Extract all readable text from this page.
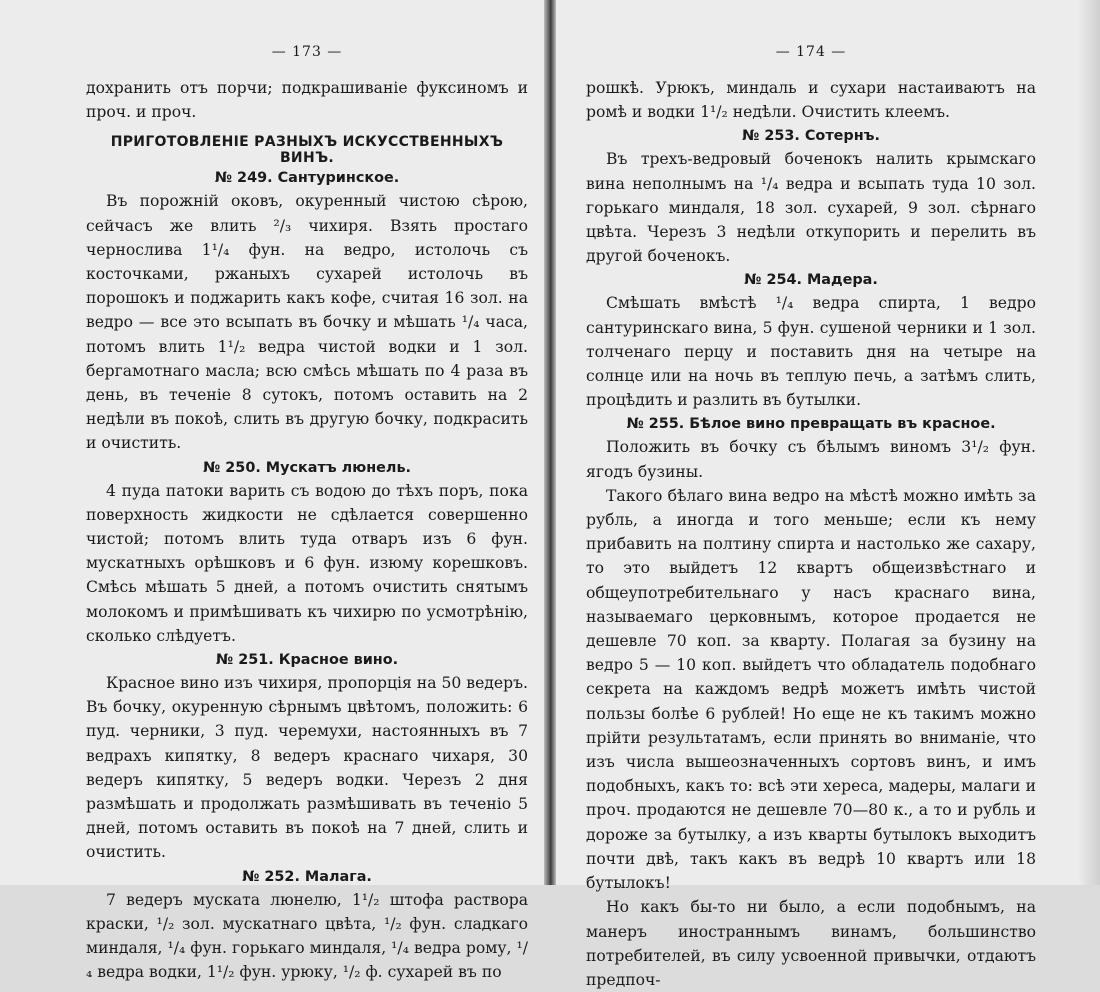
— 173 —

дохранить отъ порчи; подкрашиваніе фуксиномъ и проч. и проч.

ПРИГОТОВЛЕНІЕ РАЗНЫХЪ ИСКУССТВЕННЫХЪ ВИНЪ.
№ 249. Сантуринское.

Въ порожній оковъ, окуренный чистою сѣрою, сейчасъ же влить ²/₃ чихиря. Взять простаго чернослива 1¹/₄ фун. на ведро, истолочь съ косточками, ржаныхъ сухарей истолочь въ порошокъ и поджарить какъ кофе, считая 16 зол. на ведро — все это всыпать въ бочку и мѣшать ¹/₄ часа, потомъ влить 1¹/₂ ведра чистой водки и 1 зол. бергамотнаго масла; всю смѣсь мѣшать по 4 раза въ день, въ теченіе 8 сутокъ, потомъ оставить на 2 недѣли въ покоѣ, слить въ другую бочку, подкрасить и очистить.

№ 250. Мускатъ люнель.

4 пуда патоки варить съ водою до тѣхъ поръ, пока поверхность жидкости не сдѣлается совершенно чистой; потомъ влить туда отваръ изъ 6 фун. мускатныхъ орѣшковъ и 6 фун. изюму корешковъ. Смѣсь мѣшать 5 дней, а потомъ очистить снятымъ молокомъ и примѣшивать къ чихирю по усмотрѣнію, сколько слѣдуетъ.

№ 251. Красное вино.

Красное вино изъ чихиря, пропорція на 50 ведеръ. Въ бочку, окуренную сѣрнымъ цвѣтомъ, положить: 6 пуд. черники, 3 пуд. черемухи, настоянныхъ въ 7 ведрахъ кипятку, 8 ведеръ краснаго чихаря, 30 ведеръ кипятку, 5 ведеръ водки. Черезъ 2 дня размѣшать и продолжать размѣшивать въ теченіо 5 дней, потомъ оставить въ покоѣ на 7 дней, слить и очистить.

№ 252. Малага.

7 ведеръ муската люнелю, 1¹/₂ штофа раствора краски, ¹/₂ зол. мускатнаго цвѣта, ¹/₂ фун. сладкаго миндаля, ¹/₄ фун. горькаго миндаля, ¹/₄ ведра рому, ¹/₄ ведра водки, 1¹/₂ фун. урюку, ¹/₂ ф. сухарей въ по

— 174 —

рошкѣ. Урюкъ, миндаль и сухари настаиваютъ на ромѣ и водки 1¹/₂ недѣли. Очистить клеемъ.

№ 253. Сотернъ.

Въ трехъ-ведровый боченокъ налить крымскаго вина неполнымъ на ¹/₄ ведра и всыпать туда 10 зол. горькаго миндаля, 18 зол. сухарей, 9 зол. сѣрнаго цвѣта. Черезъ 3 недѣли откупорить и перелить въ другой боченокъ.

№ 254. Мадера.

Смѣшать вмѣстѣ ¹/₄ ведра спирта, 1 ведро сантуринскаго вина, 5 фун. сушеной черники и 1 зол. толченаго перцу и поставить дня на четыре на солнце или на ночь въ теплую печь, а затѣмъ слить, процѣдить и разлить въ бутылки.

№ 255. Бѣлое вино превращать въ красное.

Положить въ бочку съ бѣлымъ виномъ 3¹/₂ фун. ягодъ бузины.

Такого бѣлаго вина ведро на мѣстѣ можно имѣть за рубль, а иногда и того меньше; если къ нему прибавить на полтину спирта и настолько же сахару, то это выйдетъ 12 квартъ общеизвѣстнаго и общеупотребительнаго у насъ краснаго вина, называемаго церковнымъ, которое продается не дешевле 70 коп. за кварту. Полагая за бузину на ведро 5 — 10 коп. выйдетъ что обладатель подобнаго секрета на каждомъ ведрѣ можетъ имѣть чистой пользы болѣе 6 рублей! Но еще не къ такимъ можно прійти результатамъ, если принять во вниманіе, что изъ числа вышеозначенныхъ сортовъ винъ, и имъ подобныхъ, какъ то: всѣ эти хереса, мадеры, малаги и проч. продаются не дешевле 70—80 к., а то и рубль и дороже за бутылку, а изъ кварты бутылокъ выходитъ почти двѣ, такъ какъ въ ведрѣ 10 квартъ или 18 бутылокъ!

Но какъ бы-то ни было, а если подобнымъ, на манеръ иностраннымъ винамъ, большинство потребителей, въ силу усвоенной привычки, отдаютъ предпоч-
